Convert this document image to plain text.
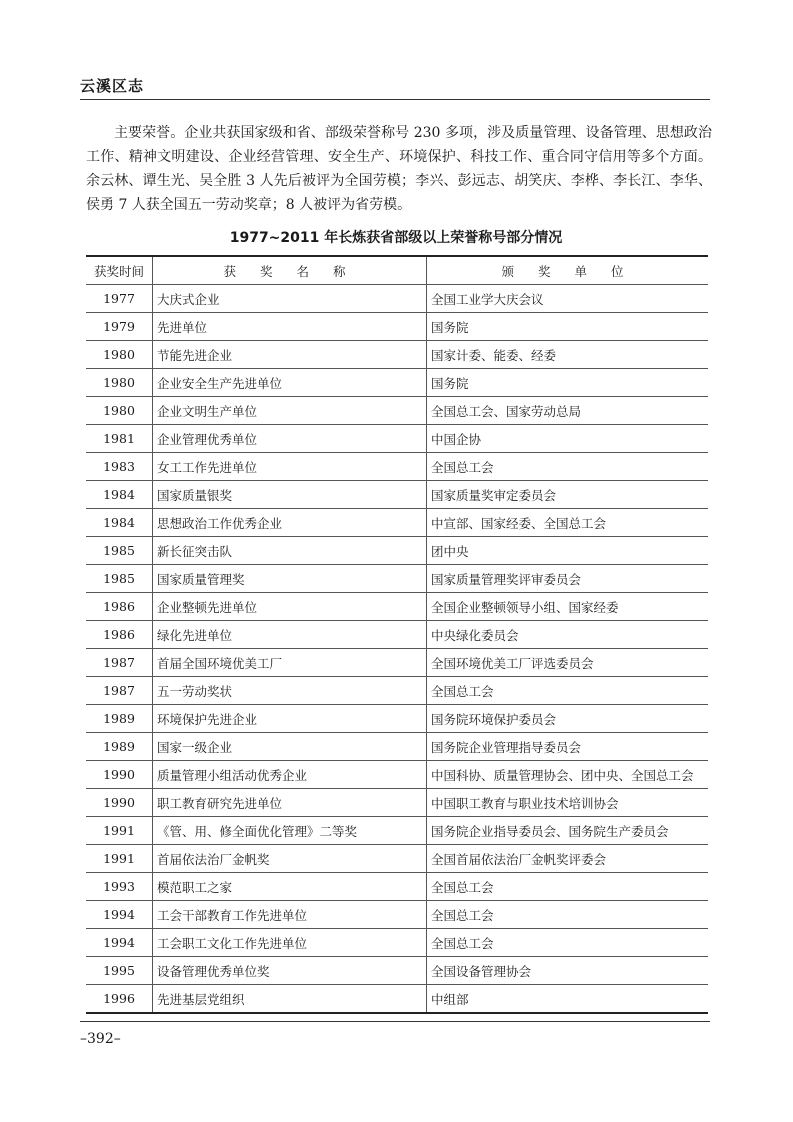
云溪区志

主要荣誉。企业共获国家级和省、部级荣誉称号 230 多项，涉及质量管理、设备管理、思想政治工作、精神文明建设、企业经营管理、安全生产、环境保护、科技工作、重合同守信用等多个方面。余云林、谭生光、吴全胜 3 人先后被评为全国劳模；李兴、彭远志、胡笑庆、李桦、李长江、李华、侯勇 7 人获全国五一劳动奖章；8 人被评为省劳模。

1977~2011 年长炼获省部级以上荣誉称号部分情况
获奖时间	获 奖 名 称	颁 奖 单 位
1977	大庆式企业	全国工业学大庆会议
1979	先进单位	国务院
1980	节能先进企业	国家计委、能委、经委
1980	企业安全生产先进单位	国务院
1980	企业文明生产单位	全国总工会、国家劳动总局
1981	企业管理优秀单位	中国企协
1983	女工工作先进单位	全国总工会
1984	国家质量银奖	国家质量奖审定委员会
1984	思想政治工作优秀企业	中宣部、国家经委、全国总工会
1985	新长征突击队	团中央
1985	国家质量管理奖	国家质量管理奖评审委员会
1986	企业整顿先进单位	全国企业整顿领导小组、国家经委
1986	绿化先进单位	中央绿化委员会
1987	首届全国环境优美工厂	全国环境优美工厂评选委员会
1987	五一劳动奖状	全国总工会
1989	环境保护先进企业	国务院环境保护委员会
1989	国家一级企业	国务院企业管理指导委员会
1990	质量管理小组活动优秀企业	中国科协、质量管理协会、团中央、全国总工会
1990	职工教育研究先进单位	中国职工教育与职业技术培训协会
1991	《管、用、修全面优化管理》二等奖	国务院企业指导委员会、国务院生产委员会
1991	首届依法治厂金帆奖	全国首届依法治厂金帆奖评委会
1993	模范职工之家	全国总工会
1994	工会干部教育工作先进单位	全国总工会
1994	工会职工文化工作先进单位	全国总工会
1995	设备管理优秀单位奖	全国设备管理协会
1996	先进基层党组织	中组部
–392–
